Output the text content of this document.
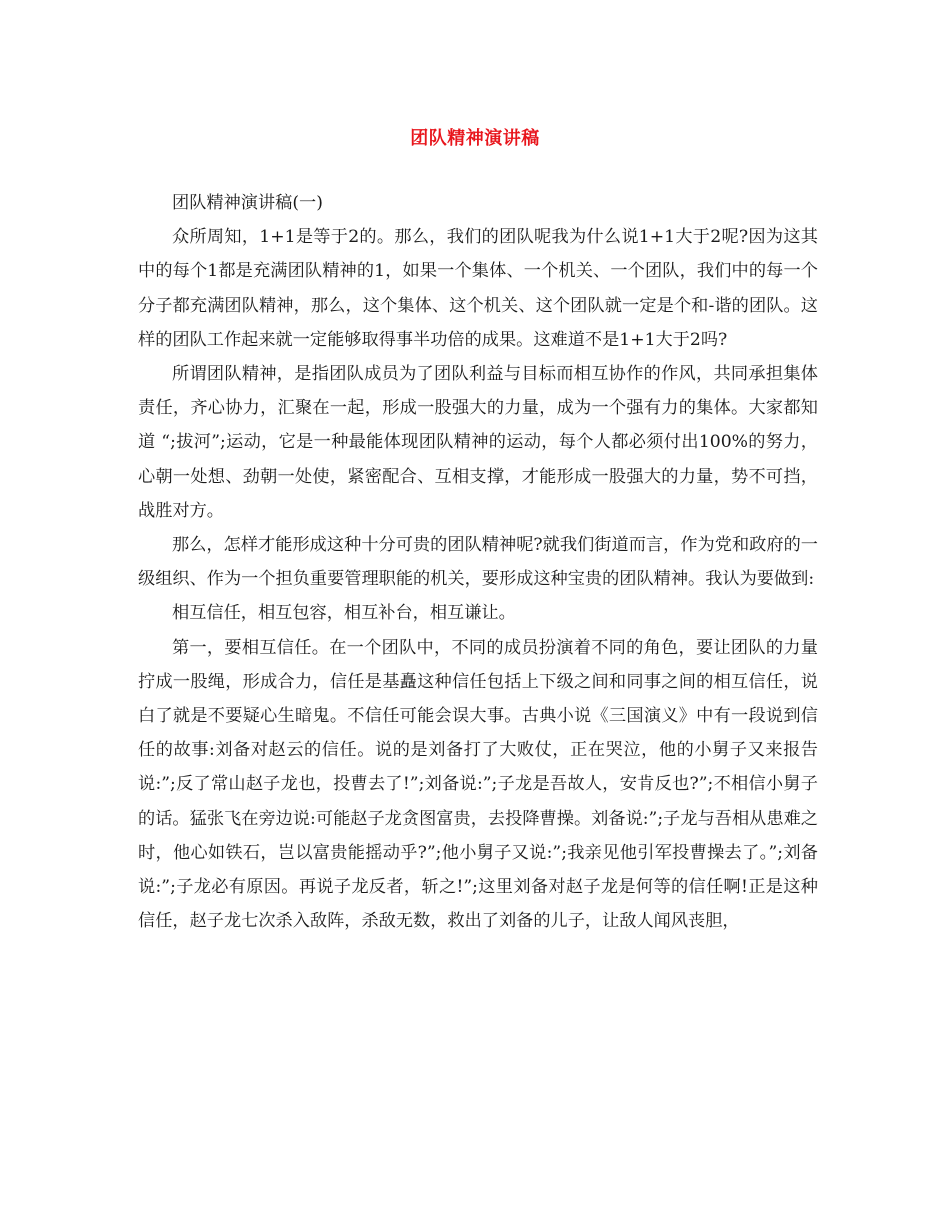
团队精神演讲稿

团队精神演讲稿(一)

众所周知，1+1是等于2的。那么，我们的团队呢我为什么说1+1大于2呢?因为这其中的每个1都是充满团队精神的1，如果一个集体、一个机关、一个团队，我们中的每一个分子都充满团队精神，那么，这个集体、这个机关、这个团队就一定是个和-谐的团队。这样的团队工作起来就一定能够取得事半功倍的成果。这难道不是1+1大于2吗?

所谓团队精神，是指团队成员为了团队利益与目标而相互协作的作风，共同承担集体责任，齐心协力，汇聚在一起，形成一股强大的力量，成为一个强有力的集体。大家都知道 “;拔河”;运动，它是一种最能体现团队精神的运动，每个人都必须付出100%的努力，心朝一处想、劲朝一处使，紧密配合、互相支撑，才能形成一股强大的力量，势不可挡，战胜对方。

那么，怎样才能形成这种十分可贵的团队精神呢?就我们街道而言，作为党和政府的一级组织、作为一个担负重要管理职能的机关，要形成这种宝贵的团队精神。我认为要做到:

相互信任，相互包容，相互补台，相互谦让。

第一，要相互信任。在一个团队中，不同的成员扮演着不同的角色，要让团队的力量拧成一股绳，形成合力，信任是基矗这种信任包括上下级之间和同事之间的相互信任，说白了就是不要疑心生暗鬼。不信任可能会误大事。古典小说《三国演义》中有一段说到信任的故事:刘备对赵云的信任。说的是刘备打了大败仗，正在哭泣，他的小舅子又来报告说:”;反了常山赵子龙也，投曹去了!”;刘备说:”;子龙是吾故人，安肯反也?”;不相信小舅子的话。猛张飞在旁边说:可能赵子龙贪图富贵，去投降曹操。刘备说:”;子龙与吾相从患难之时，他心如铁石，岂以富贵能摇动乎?”;他小舅子又说:”;我亲见他引军投曹操去了。”;刘备说:”;子龙必有原因。再说子龙反者，斩之!”;这里刘备对赵子龙是何等的信任啊!正是这种信任，赵子龙七次杀入敌阵，杀敌无数，救出了刘备的儿子，让敌人闻风丧胆，
